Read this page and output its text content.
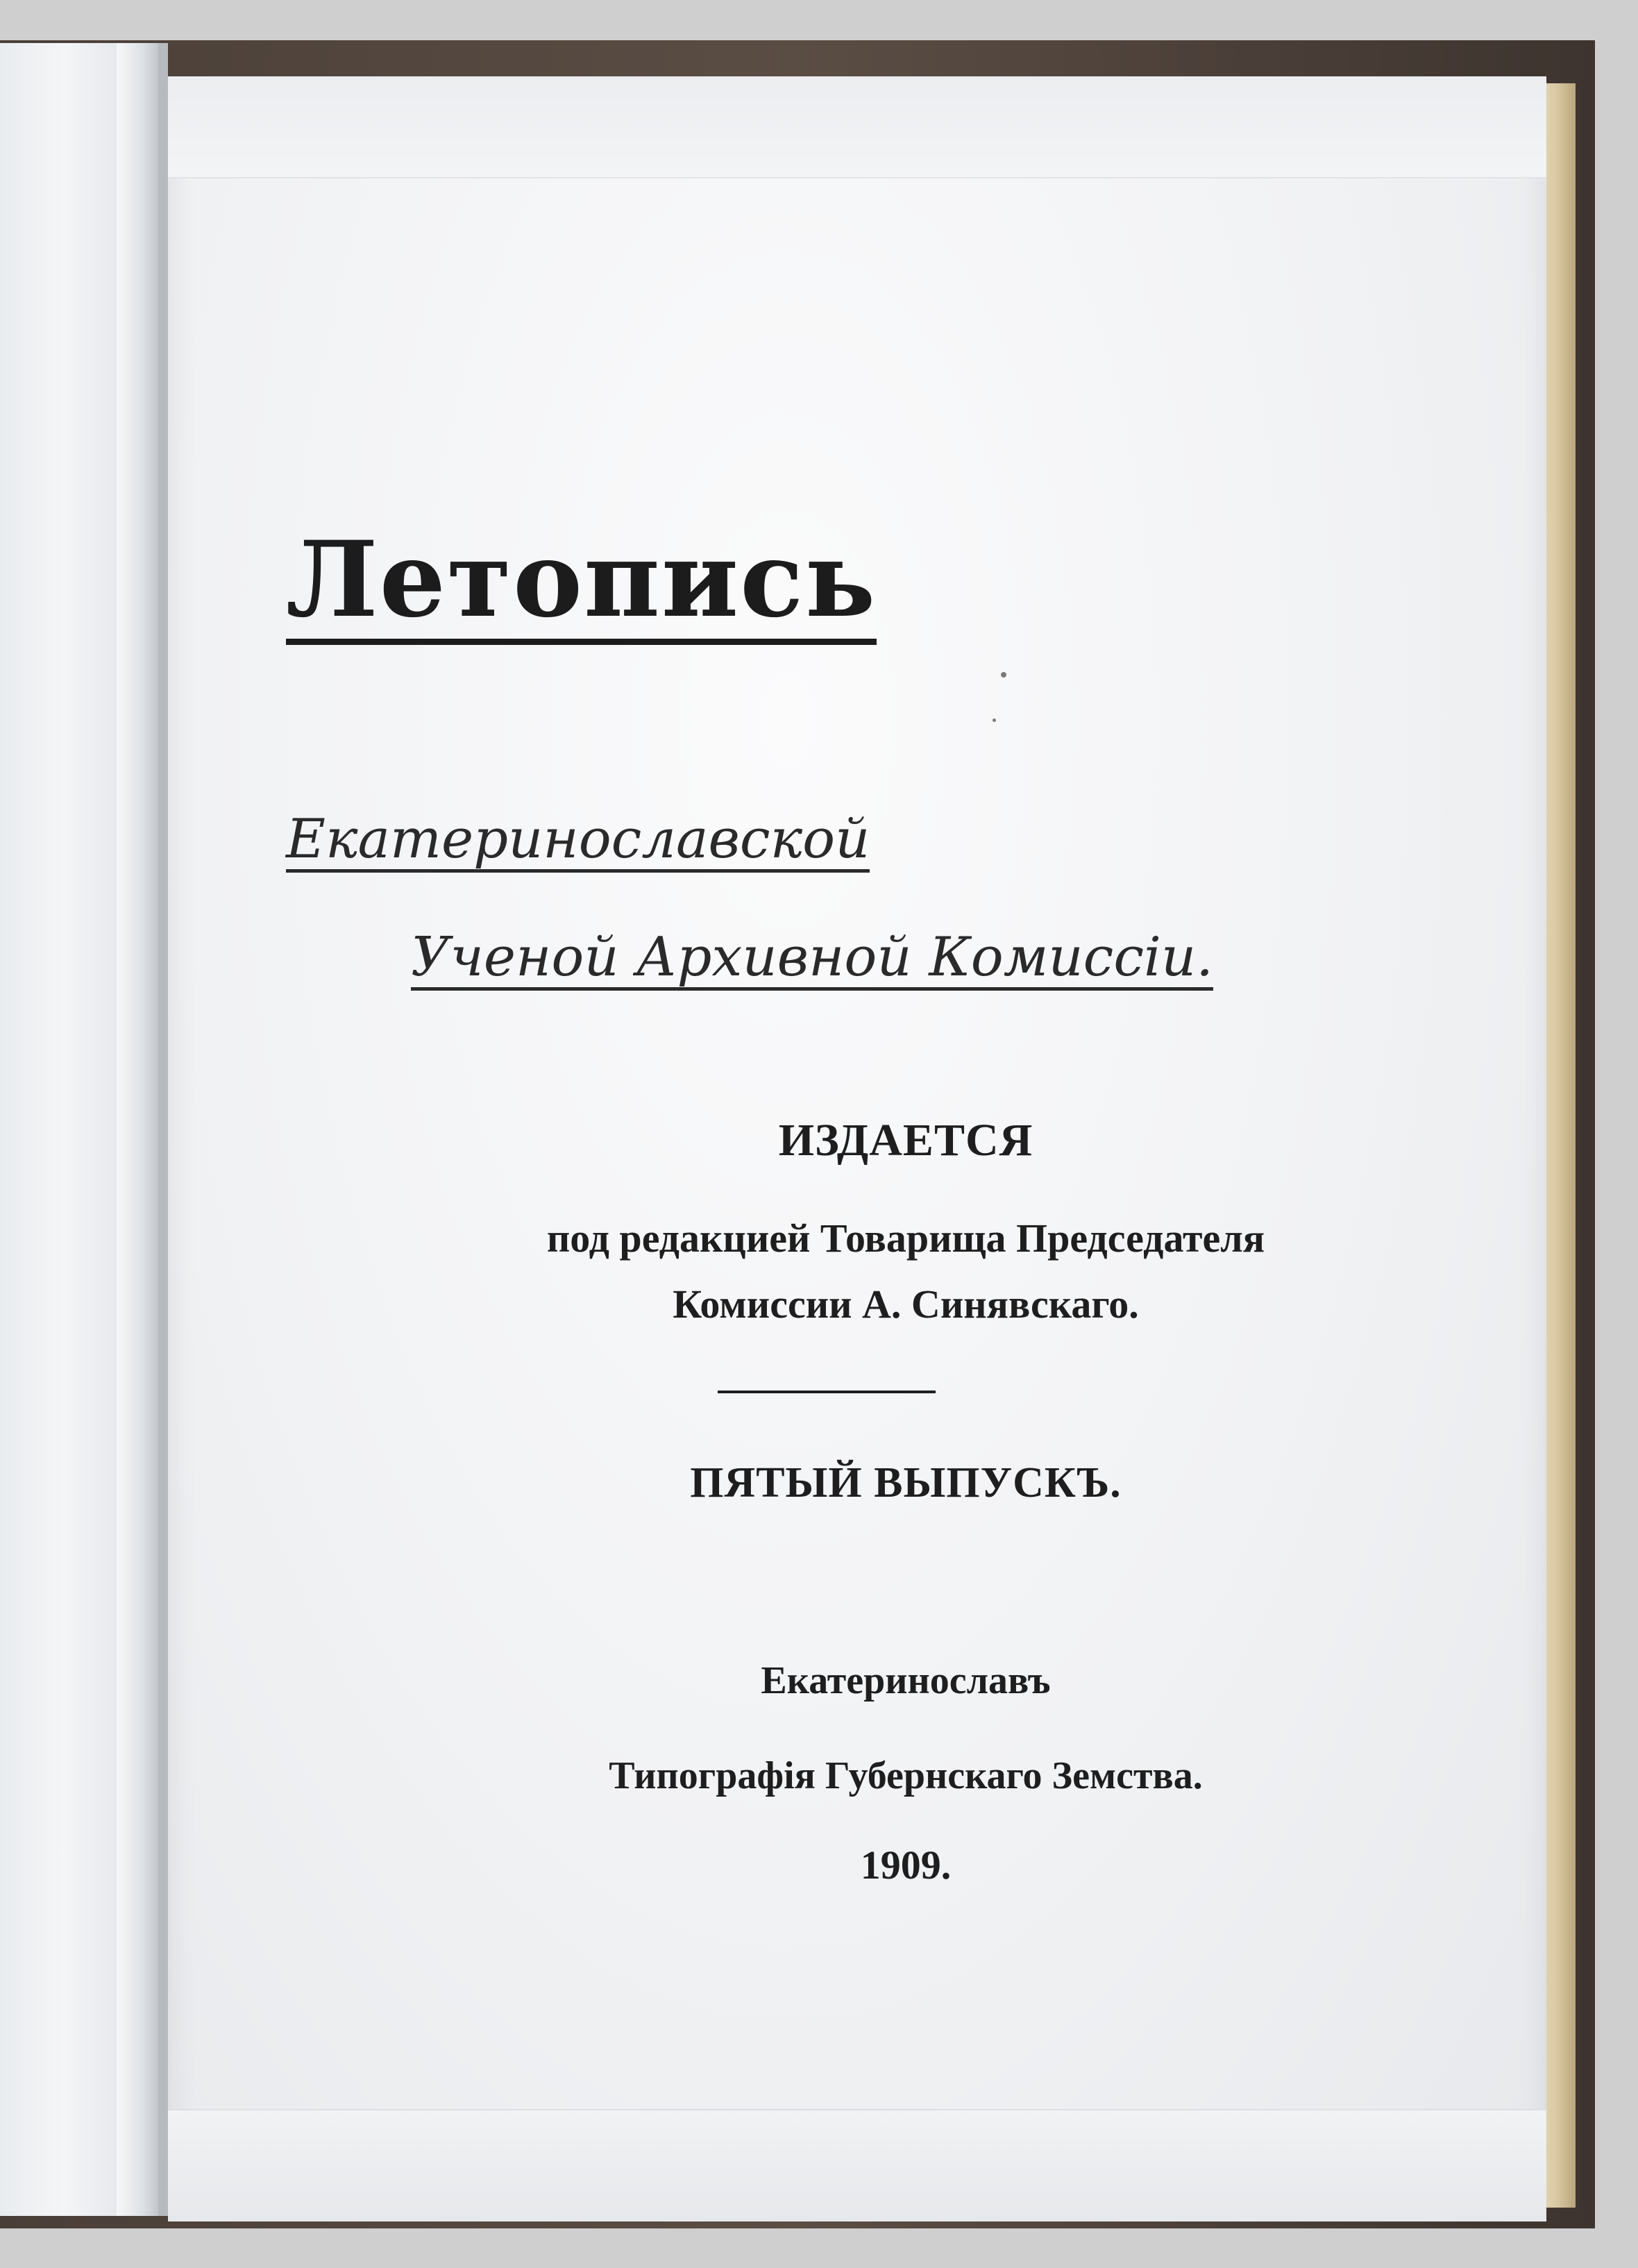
Летопись

Екатеринославской

Ученой Архивной Комиссіи.

ИЗДАЕТСЯ

под редакцией Товарища Председателя

Комиссии А. Синявскаго.

ПЯТЫЙ ВЫПУСКЪ.

Екатеринославъ

Типографія Губернскаго Земства.

1909.
